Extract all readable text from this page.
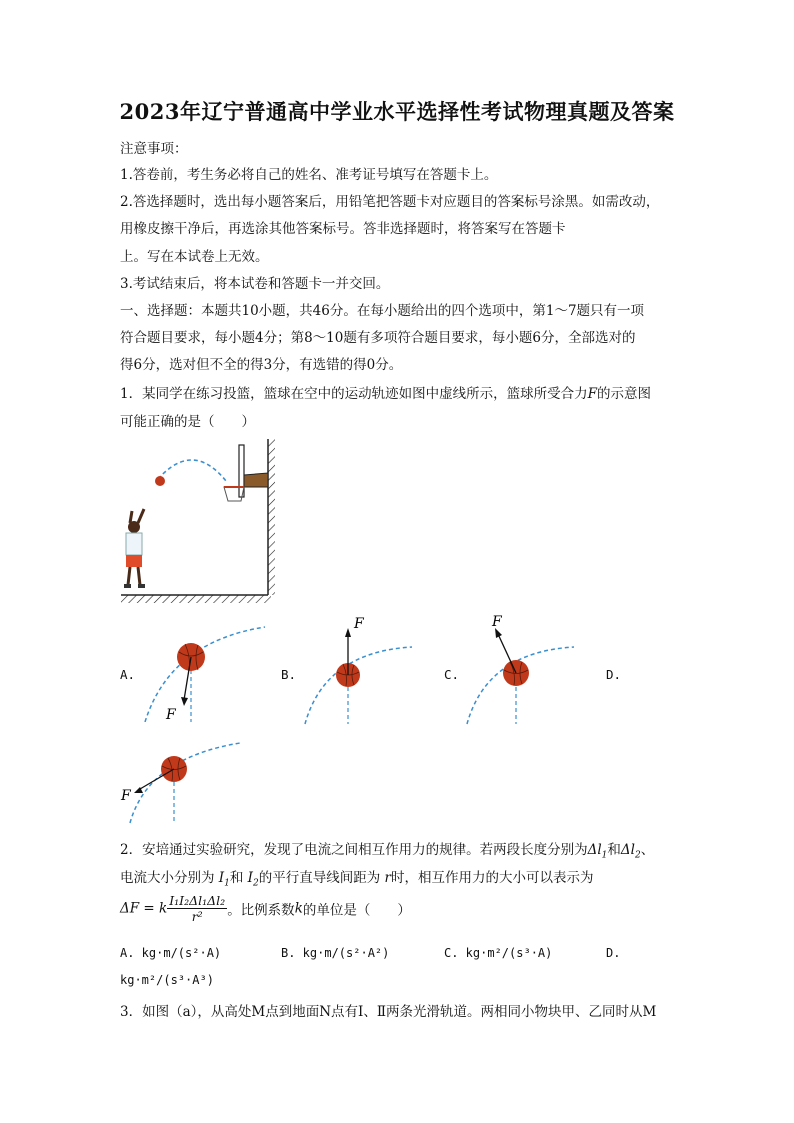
2023年辽宁普通高中学业水平选择性考试物理真题及答案
注意事项：
1.答卷前，考生务必将自己的姓名、准考证号填写在答题卡上。
2.答选择题时，选出每小题答案后，用铅笔把答题卡对应题目的答案标号涂黑。如需改动，
用橡皮擦干净后，再选涂其他答案标号。答非选择题时，将答案写在答题卡
上。写在本试卷上无效。
3.考试结束后，将本试卷和答题卡一并交回。
一、选择题：本题共10小题，共46分。在每小题给出的四个选项中，第1～7题只有一项
符合题目要求，每小题4分；第8～10题有多项符合题目要求，每小题6分，全部选对的
得6分，选对但不全的得3分，有选错的得0分。
1．某同学在练习投篮，篮球在空中的运动轨迹如图中虚线所示，篮球所受合力F的示意图
可能正确的是（　　）
A.
F
B.
F
C.
F
D.
F
2．安培通过实验研究，发现了电流之间相互作用力的规律。若两段长度分别为$\Delta l_1$和$\Delta l_2$、
电流大小分别为 $I_1$和 $I_2$的平行直导线间距为 r时，相互作用力的大小可以表示为
ΔF = k $\frac{\text{I₁I₂Δl₁Δl₂}}{\text{r²}}$ 。比例系数k的单位是（　　）
A. kg·m/(s²·A)	B. kg·m/(s²·A²)	C. kg·m²/(s³·A)	D.
kg·m²/(s³·A³)
3．如图（a），从高处M点到地面N点有Ⅰ、Ⅱ两条光滑轨道。两相同小物块甲、乙同时从M
